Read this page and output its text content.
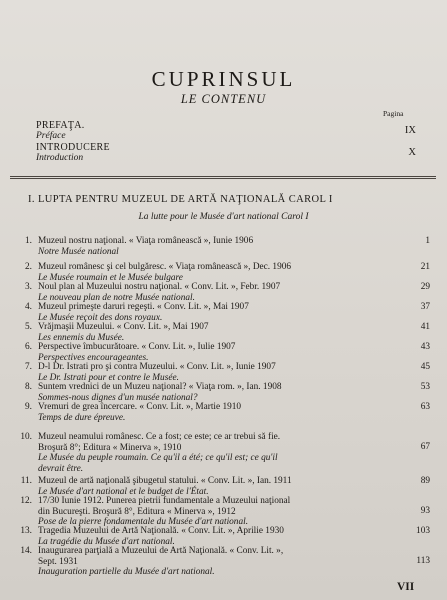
CUPRINSUL
LE CONTENU
Pagina
PREFAŢA.
Préface	IX
INTRODUCERE
Introduction	X
I. LUPTA PENTRU MUZEUL DE ARTĂ NAŢIONALĂ CAROL I
La lutte pour le Musée d'art national Carol I
1. Muzeul nostru naţional. « Viaţa românească », Iunie 1906
Notre Musée national
1
2. Muzeul românesc şi cel bulgăresc. « Viaţa românească », Dec. 1906
Le Musée roumain et le Musée bulgare
21
3. Noul plan al Muzeului nostru naţional. « Conv. Lit. », Febr. 1907
Le nouveau plan de notre Musée national.
29
4. Muzeul primeşte daruri regeşti. « Conv. Lit. », Mai 1907
Le Musée reçoit des dons royaux.
37
5. Vrăjmaşii Muzeului. « Conv. Lit. », Mai 1907
Les ennemis du Musée.
41
6. Perspective îmbucurătoare. « Conv. Lit. », Iulie 1907
Perspectives encourageantes.
43
7. D-l Dr. Istrati pro şi contra Muzeului. « Conv. Lit. », Iunie 1907
Le Dr. Istrati pour et contre le Musée.
45
8. Suntem vrednici de un Muzeu naţional? « Viaţa rom. », Ian. 1908
Sommes-nous dignes d'un musée national?
53
9. Vremuri de grea încercare. « Conv. Lit. », Martie 1910
Temps de dure épreuve.
63
10. Muzeul neamului românesc. Ce a fost; ce este; ce ar trebui să fie.
Broşură 8°; Editura « Minerva », 1910
Le Musée du peuple roumain. Ce qu'il a été; ce qu'il est; ce qu'il
devrait être.
67
11. Muzeul de artă naţională şibugetul statului. « Conv. Lit. », Ian. 1911
Le Musée d'art national et le budget de l'État.
89
12. 17/30 Iunie 1912. Punerea pietrii fundamentale a Muzeului naţional
din Bucureşti. Broşură 8°, Editura « Minerva », 1912
Pose de la pierre fondamentale du Musée d'art national.
93
13. Tragedia Muzeului de Artă Naţională. « Conv. Lit. », Aprilie 1930
La tragédie du Musée d'art national.
103
14. Inaugurarea parţială a Muzeului de Artă Naţională. « Conv. Lit. »,
Sept. 1931
Inauguration partielle du Musée d'art national.
113
VII
